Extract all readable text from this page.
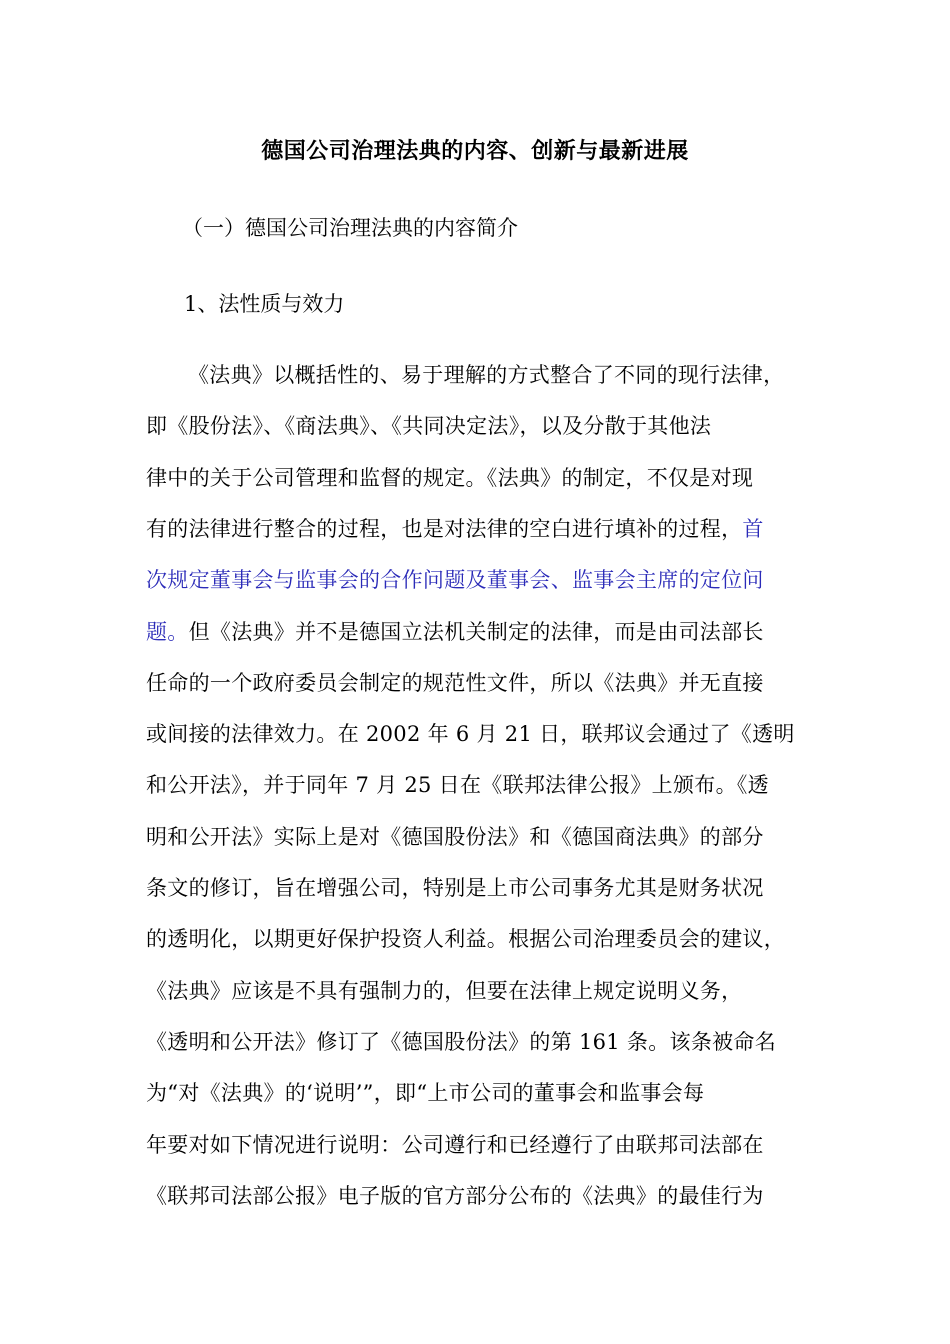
德国公司治理法典的内容、创新与最新进展
（一）德国公司治理法典的内容简介
1、法性质与效力
《法典》以概括性的、易于理解的方式整合了不同的现行法律，
即《股份法》、《商法典》、《共同决定法》，以及分散于其他法
律中的关于公司管理和监督的规定。《法典》的制定，不仅是对现
有的法律进行整合的过程，也是对法律的空白进行填补的过程，首
次规定董事会与监事会的合作问题及董事会、监事会主席的定位问
题。但《法典》并不是德国立法机关制定的法律，而是由司法部长
任命的一个政府委员会制定的规范性文件，所以《法典》并无直接
或间接的法律效力。在 2002 年 6 月 21 日，联邦议会通过了《透明
和公开法》，并于同年 7 月 25 日在《联邦法律公报》上颁布。《透
明和公开法》实际上是对《德国股份法》和《德国商法典》的部分
条文的修订，旨在增强公司，特别是上市公司事务尤其是财务状况
的透明化，以期更好保护投资人利益。根据公司治理委员会的建议，
《法典》应该是不具有强制力的，但要在法律上规定说明义务，
《透明和公开法》修订了《德国股份法》的第 161 条。该条被命名
为“对《法典》的‘说明’”，即“上市公司的董事会和监事会每
年要对如下情况进行说明：公司遵行和已经遵行了由联邦司法部在
《联邦司法部公报》电子版的官方部分公布的《法典》的最佳行为
